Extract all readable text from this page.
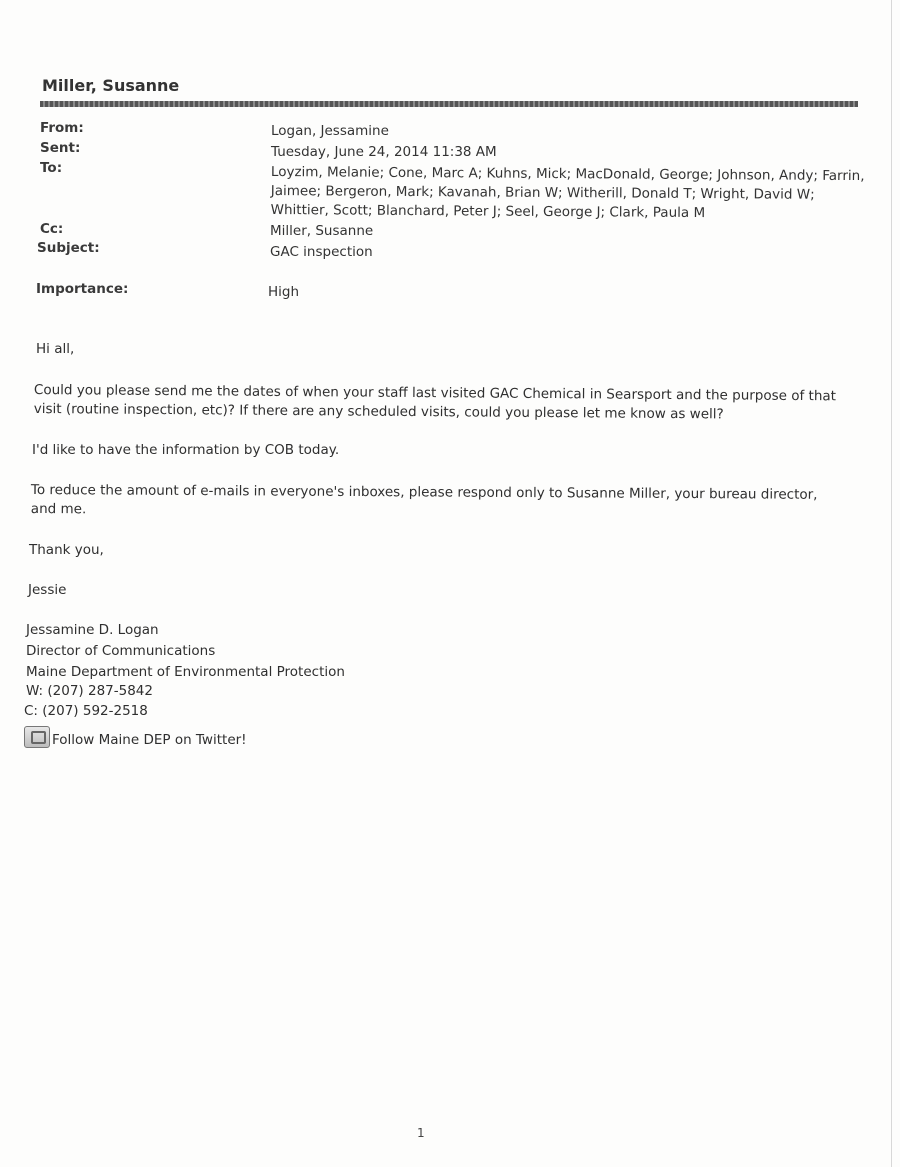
Miller, Susanne
From:	Logan, Jessamine
Sent:	Tuesday, June 24, 2014 11:38 AM
To:	Loyzim, Melanie; Cone, Marc A; Kuhns, Mick; MacDonald, George; Johnson, Andy; Farrin,
Jaimee; Bergeron, Mark; Kavanah, Brian W; Witherill, Donald T; Wright, David W;
Whittier, Scott; Blanchard, Peter J; Seel, George J; Clark, Paula M
Cc:	Miller, Susanne
Subject:	GAC inspection
Importance:	High
Hi all,
Could you please send me the dates of when your staff last visited GAC Chemical in Searsport and the purpose of that
visit (routine inspection, etc)? If there are any scheduled visits, could you please let me know as well?
I'd like to have the information by COB today.
To reduce the amount of e-mails in everyone's inboxes, please respond only to Susanne Miller, your bureau director,
and me.
Thank you,
Jessie
Jessamine D. Logan
Director of Communications
Maine Department of Environmental Protection
W: (207) 287-5842
C: (207) 592-2518
Follow Maine DEP on Twitter!
1
